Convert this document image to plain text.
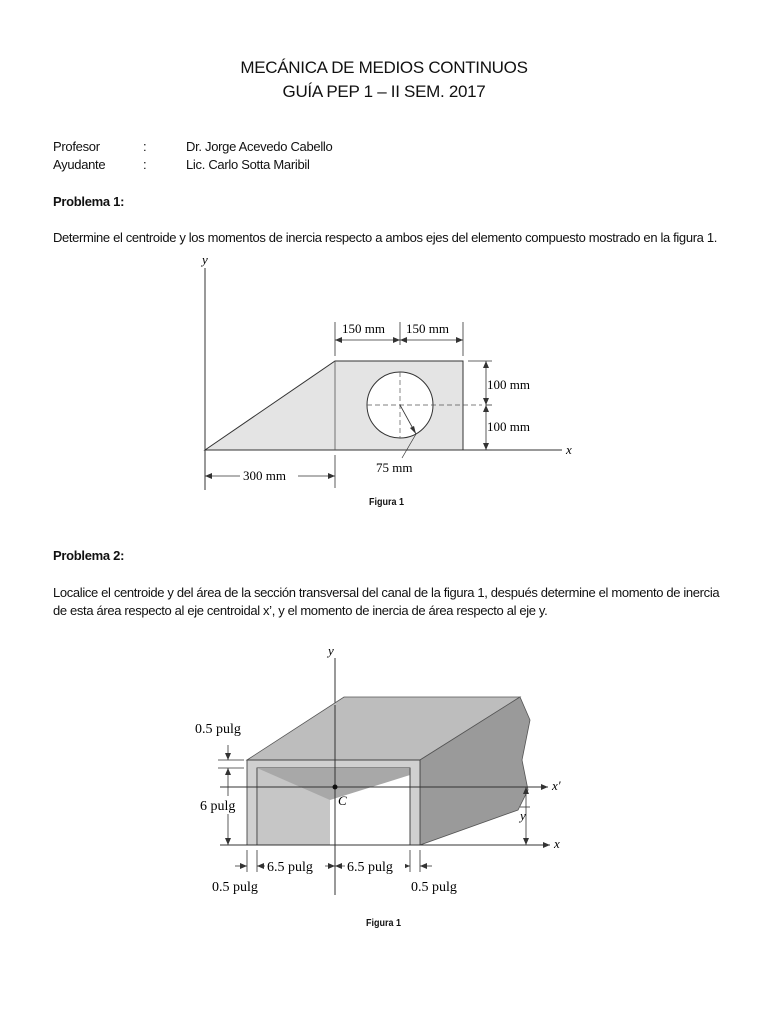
MECÁNICA DE MEDIOS CONTINUOS
GUÍA PEP 1 – II SEM. 2017
Profesor	:	Dr. Jorge Acevedo Cabello
Ayudante	:	Lic. Carlo Sotta Maribil
Problema 1:
Determine el centroide y los momentos de inercia respecto a ambos ejes del elemento compuesto mostrado en la figura 1.
y
x
150 mm 150 mm
100 mm
100 mm
75 mm
300 mm
Figura 1
Problema 2:
Localice el centroide y del área de la sección transversal del canal de la figura 1, después determine el momento de inercia
de esta área respecto al eje centroidal x’, y el momento de inercia de área respecto al eje y.
y
x′
C
x
y
0.5 pulg
6 pulg
6.5 pulg 6.5 pulg
0.5 pulg	0.5 pulg
Figura 1
